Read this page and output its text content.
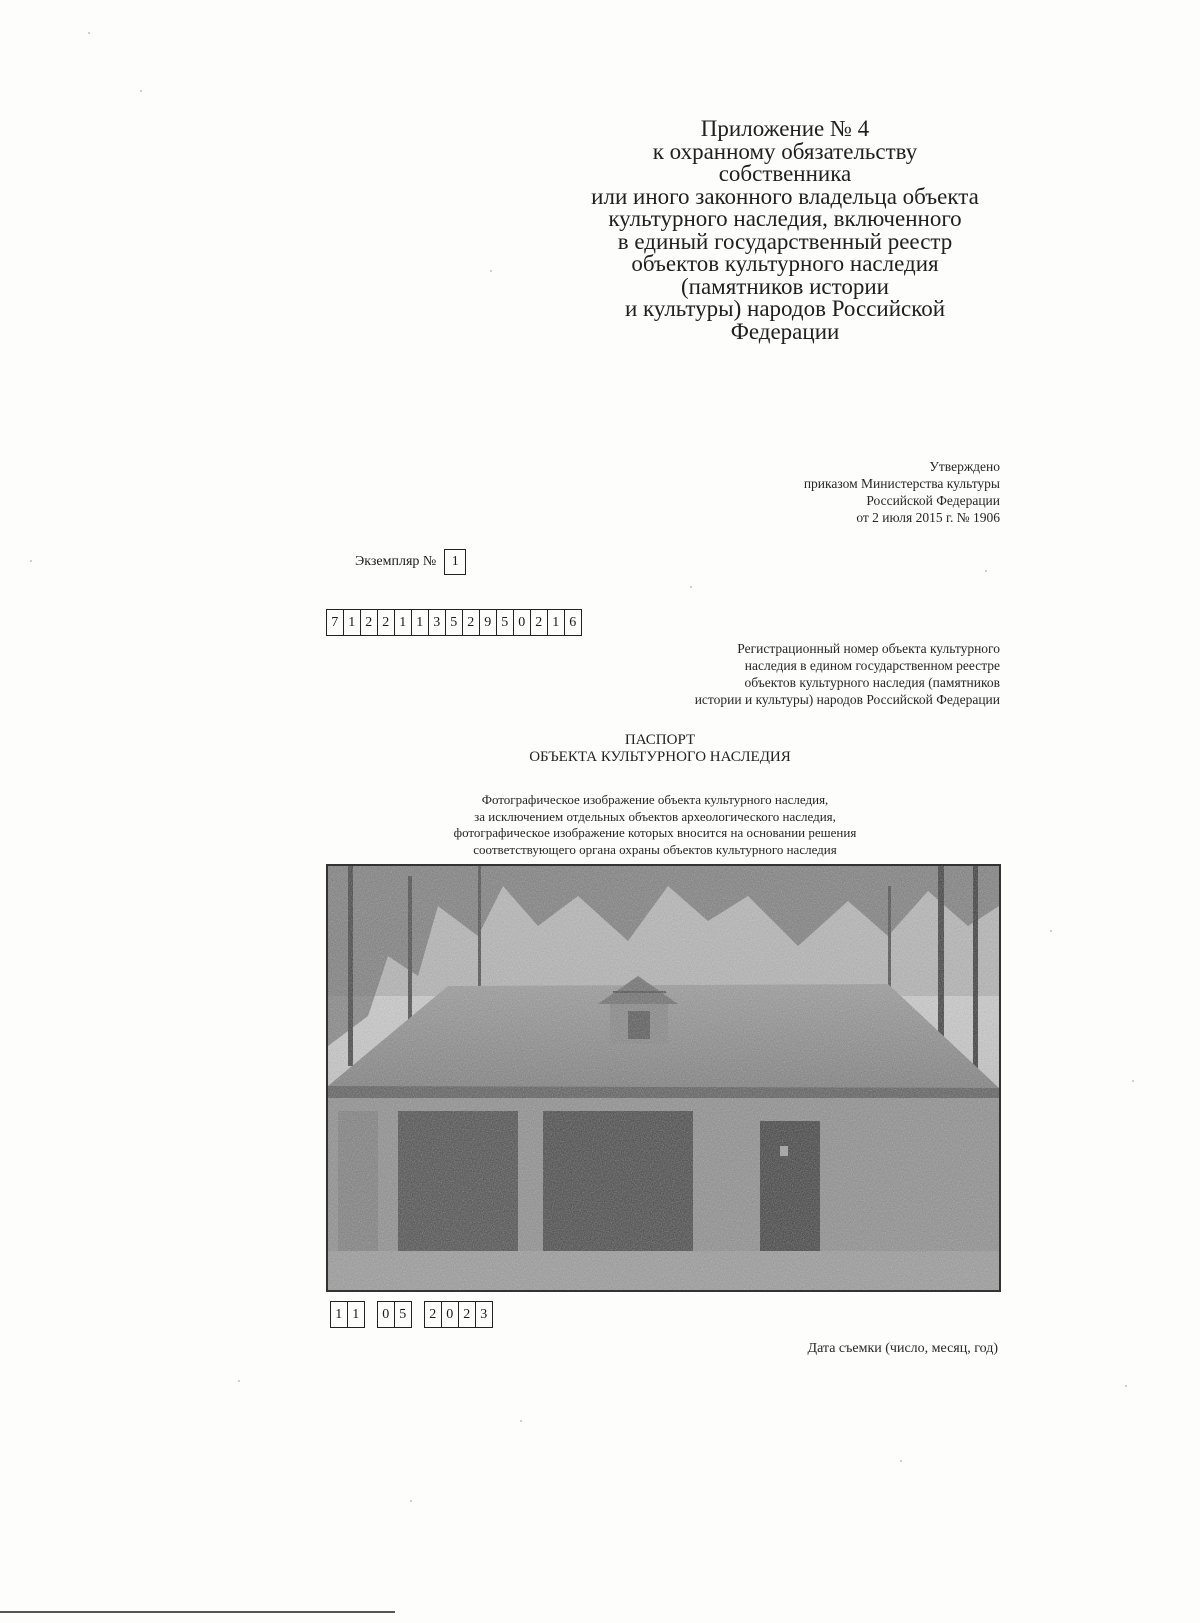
Приложение № 4
к охранному обязательству
собственника
или иного законного владельца объекта
культурного наследия, включенного
в единый государственный реестр
объектов культурного наследия
(памятников истории
и культуры) народов Российской
Федерации
Утверждено
приказом Министерства культуры
Российской Федерации
от 2 июля 2015 г. № 1906
Экземпляр №	1
7 1 2 2 1 1 3 5 2 9 5 0 2 1 6
Регистрационный номер объекта культурного
наследия в едином государственном реестре
объектов культурного наследия (памятников
истории и культуры) народов Российской Федерации
ПАСПОРТ
ОБЪЕКТА КУЛЬТУРНОГО НАСЛЕДИЯ
Фотографическое изображение объекта культурного наследия,
за исключением отдельных объектов археологического наследия,
фотографическое изображение которых вносится на основании решения
соответствующего органа охраны объектов культурного наследия
1 1	0 5	2 0 2 3
Дата съемки (число, месяц, год)
